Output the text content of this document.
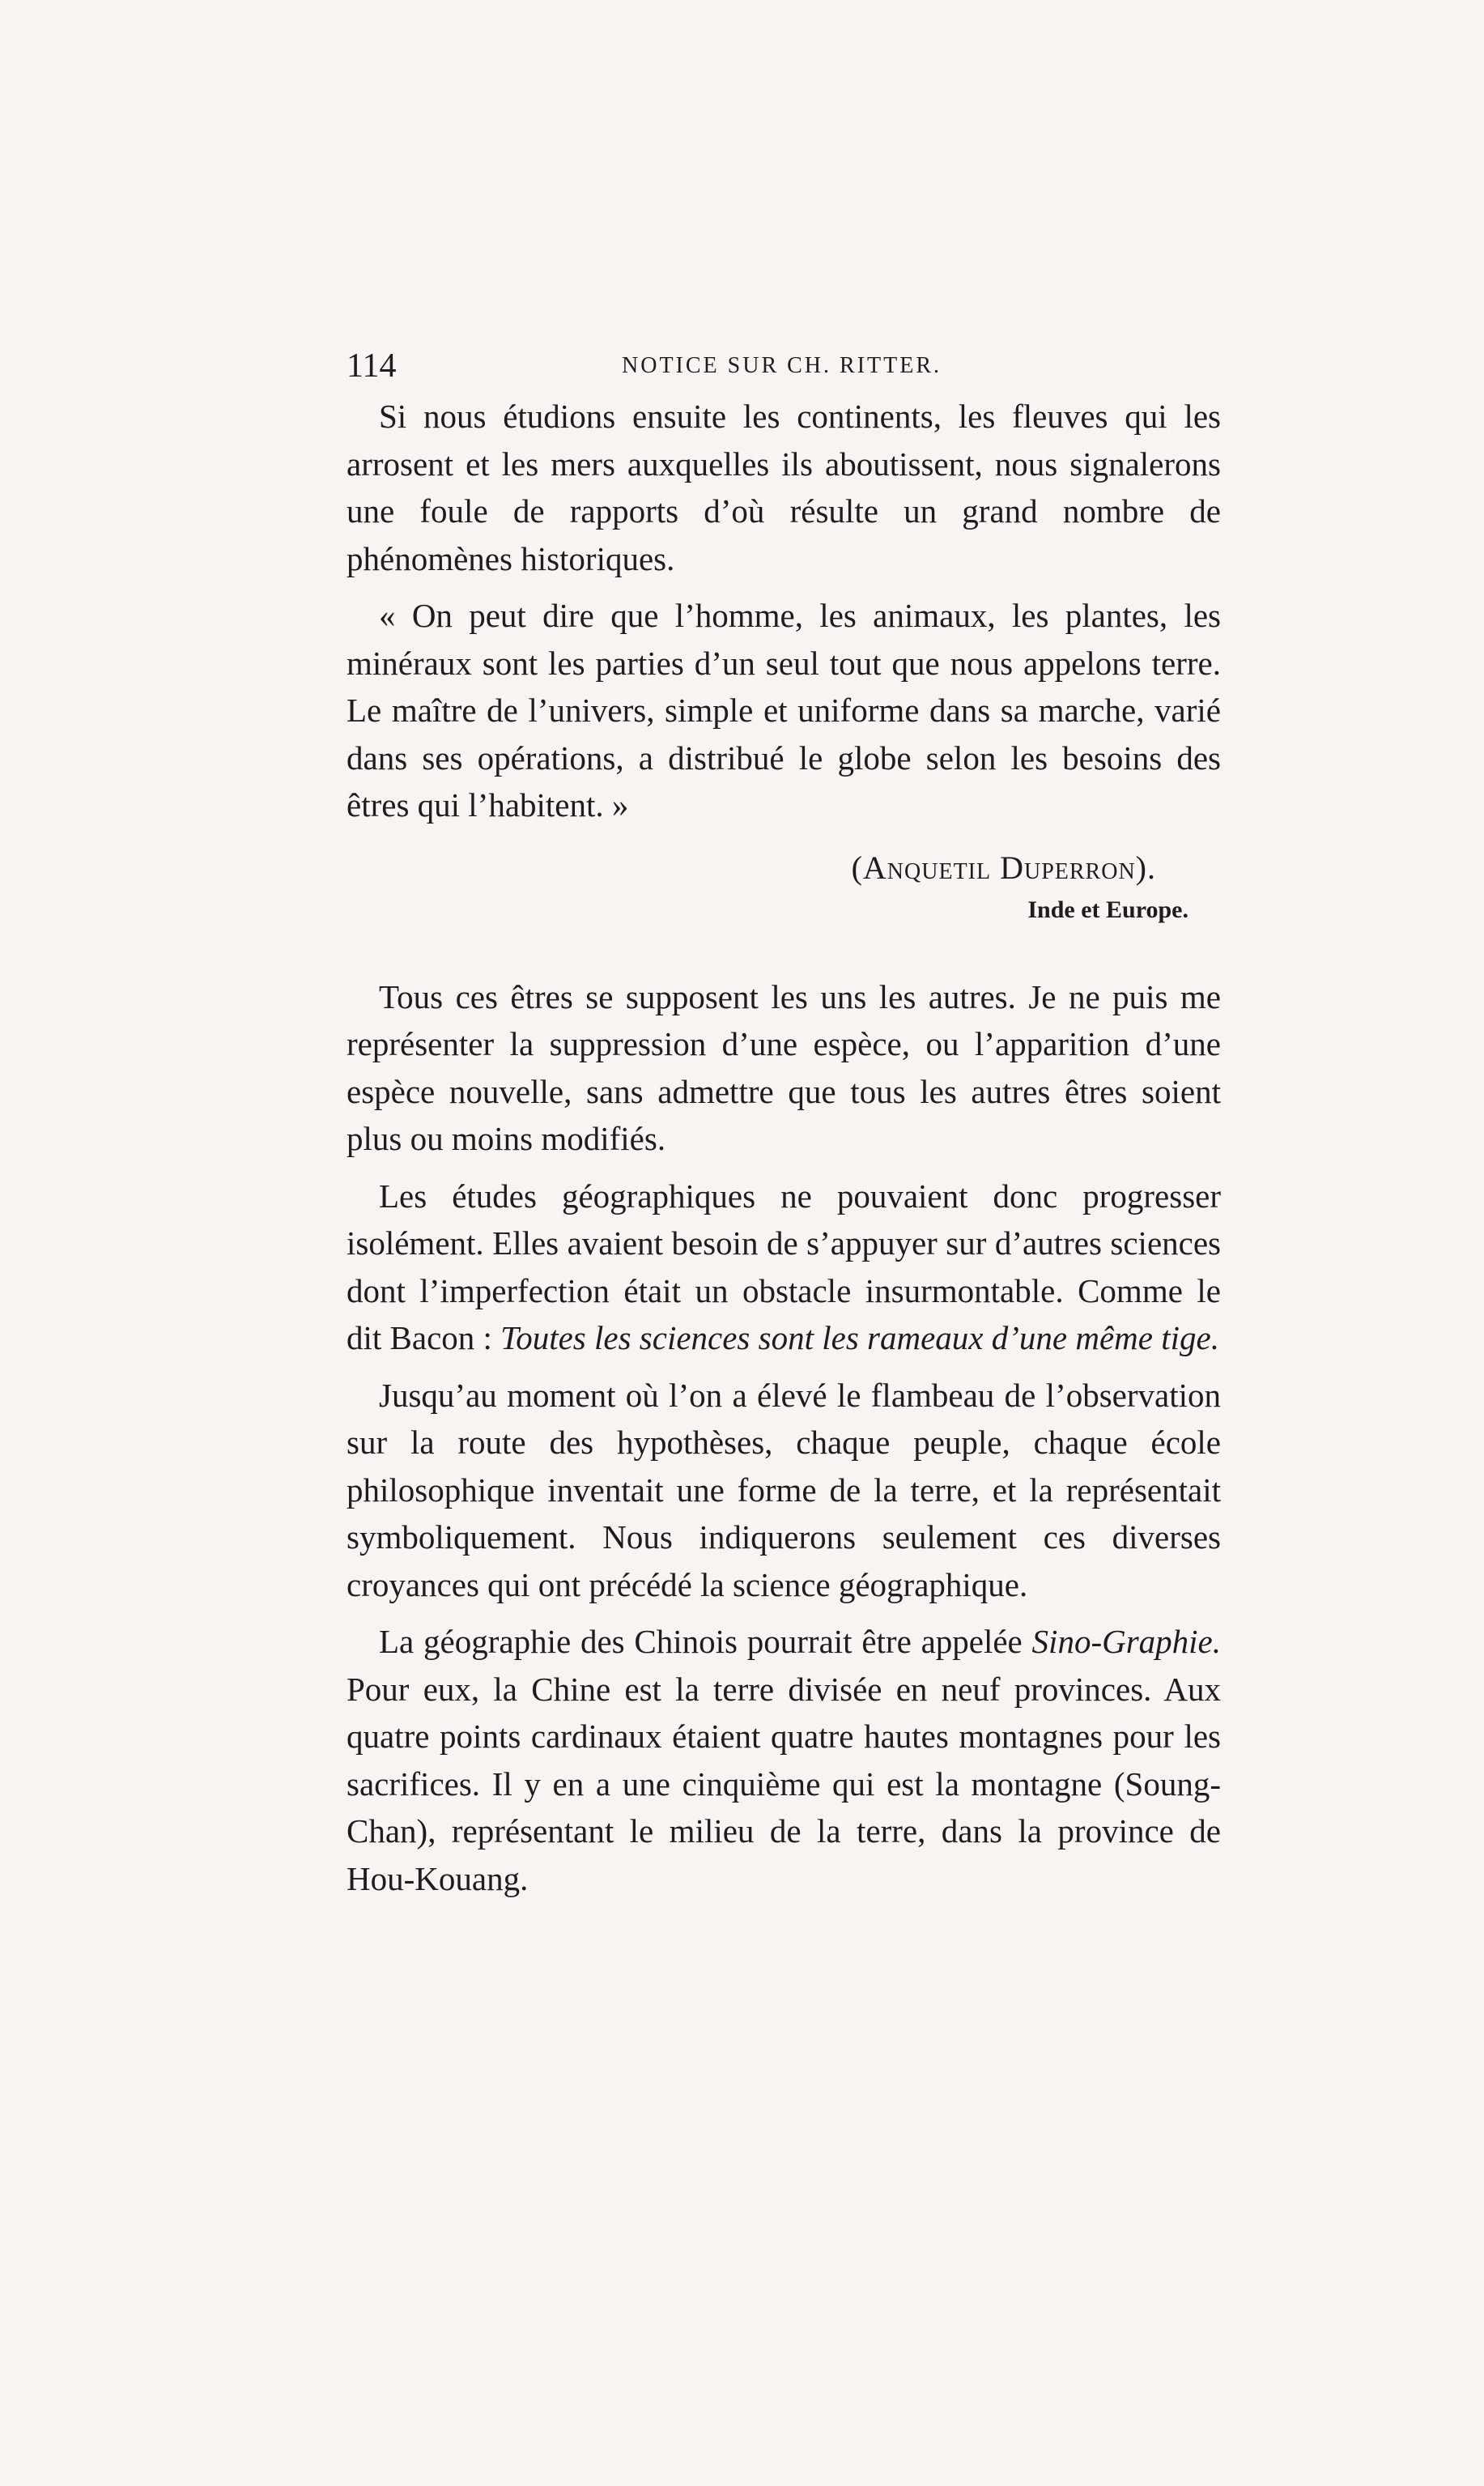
114	NOTICE SUR CH. RITTER.

Si nous étudions ensuite les continents, les fleuves qui les arrosent et les mers auxquelles ils aboutissent, nous signalerons une foule de rapports d’où résulte un grand nombre de phénomènes historiques.

« On peut dire que l’homme, les animaux, les plantes, les minéraux sont les parties d’un seul tout que nous appelons terre. Le maître de l’univers, simple et uniforme dans sa marche, varié dans ses opérations, a distribué le globe selon les besoins des êtres qui l’habitent. »

(Anquetil Duperron).
Inde et Europe.

Tous ces êtres se supposent les uns les autres. Je ne puis me représenter la suppression d’une espèce, ou l’apparition d’une espèce nouvelle, sans admettre que tous les autres êtres soient plus ou moins modifiés.

Les études géographiques ne pouvaient donc progresser isolément. Elles avaient besoin de s’appuyer sur d’autres sciences dont l’imperfection était un obstacle insurmontable. Comme le dit Bacon : Toutes les sciences sont les rameaux d’une même tige.

Jusqu’au moment où l’on a élevé le flambeau de l’observation sur la route des hypothèses, chaque peuple, chaque école philosophique inventait une forme de la terre, et la représentait symboliquement. Nous indiquerons seulement ces diverses croyances qui ont précédé la science géographique.

La géographie des Chinois pourrait être appelée Sino-Graphie. Pour eux, la Chine est la terre divisée en neuf provinces. Aux quatre points cardinaux étaient quatre hautes montagnes pour les sacrifices. Il y en a une cinquième qui est la montagne (Soung-Chan), représentant le milieu de la terre, dans la province de Hou-Kouang.
